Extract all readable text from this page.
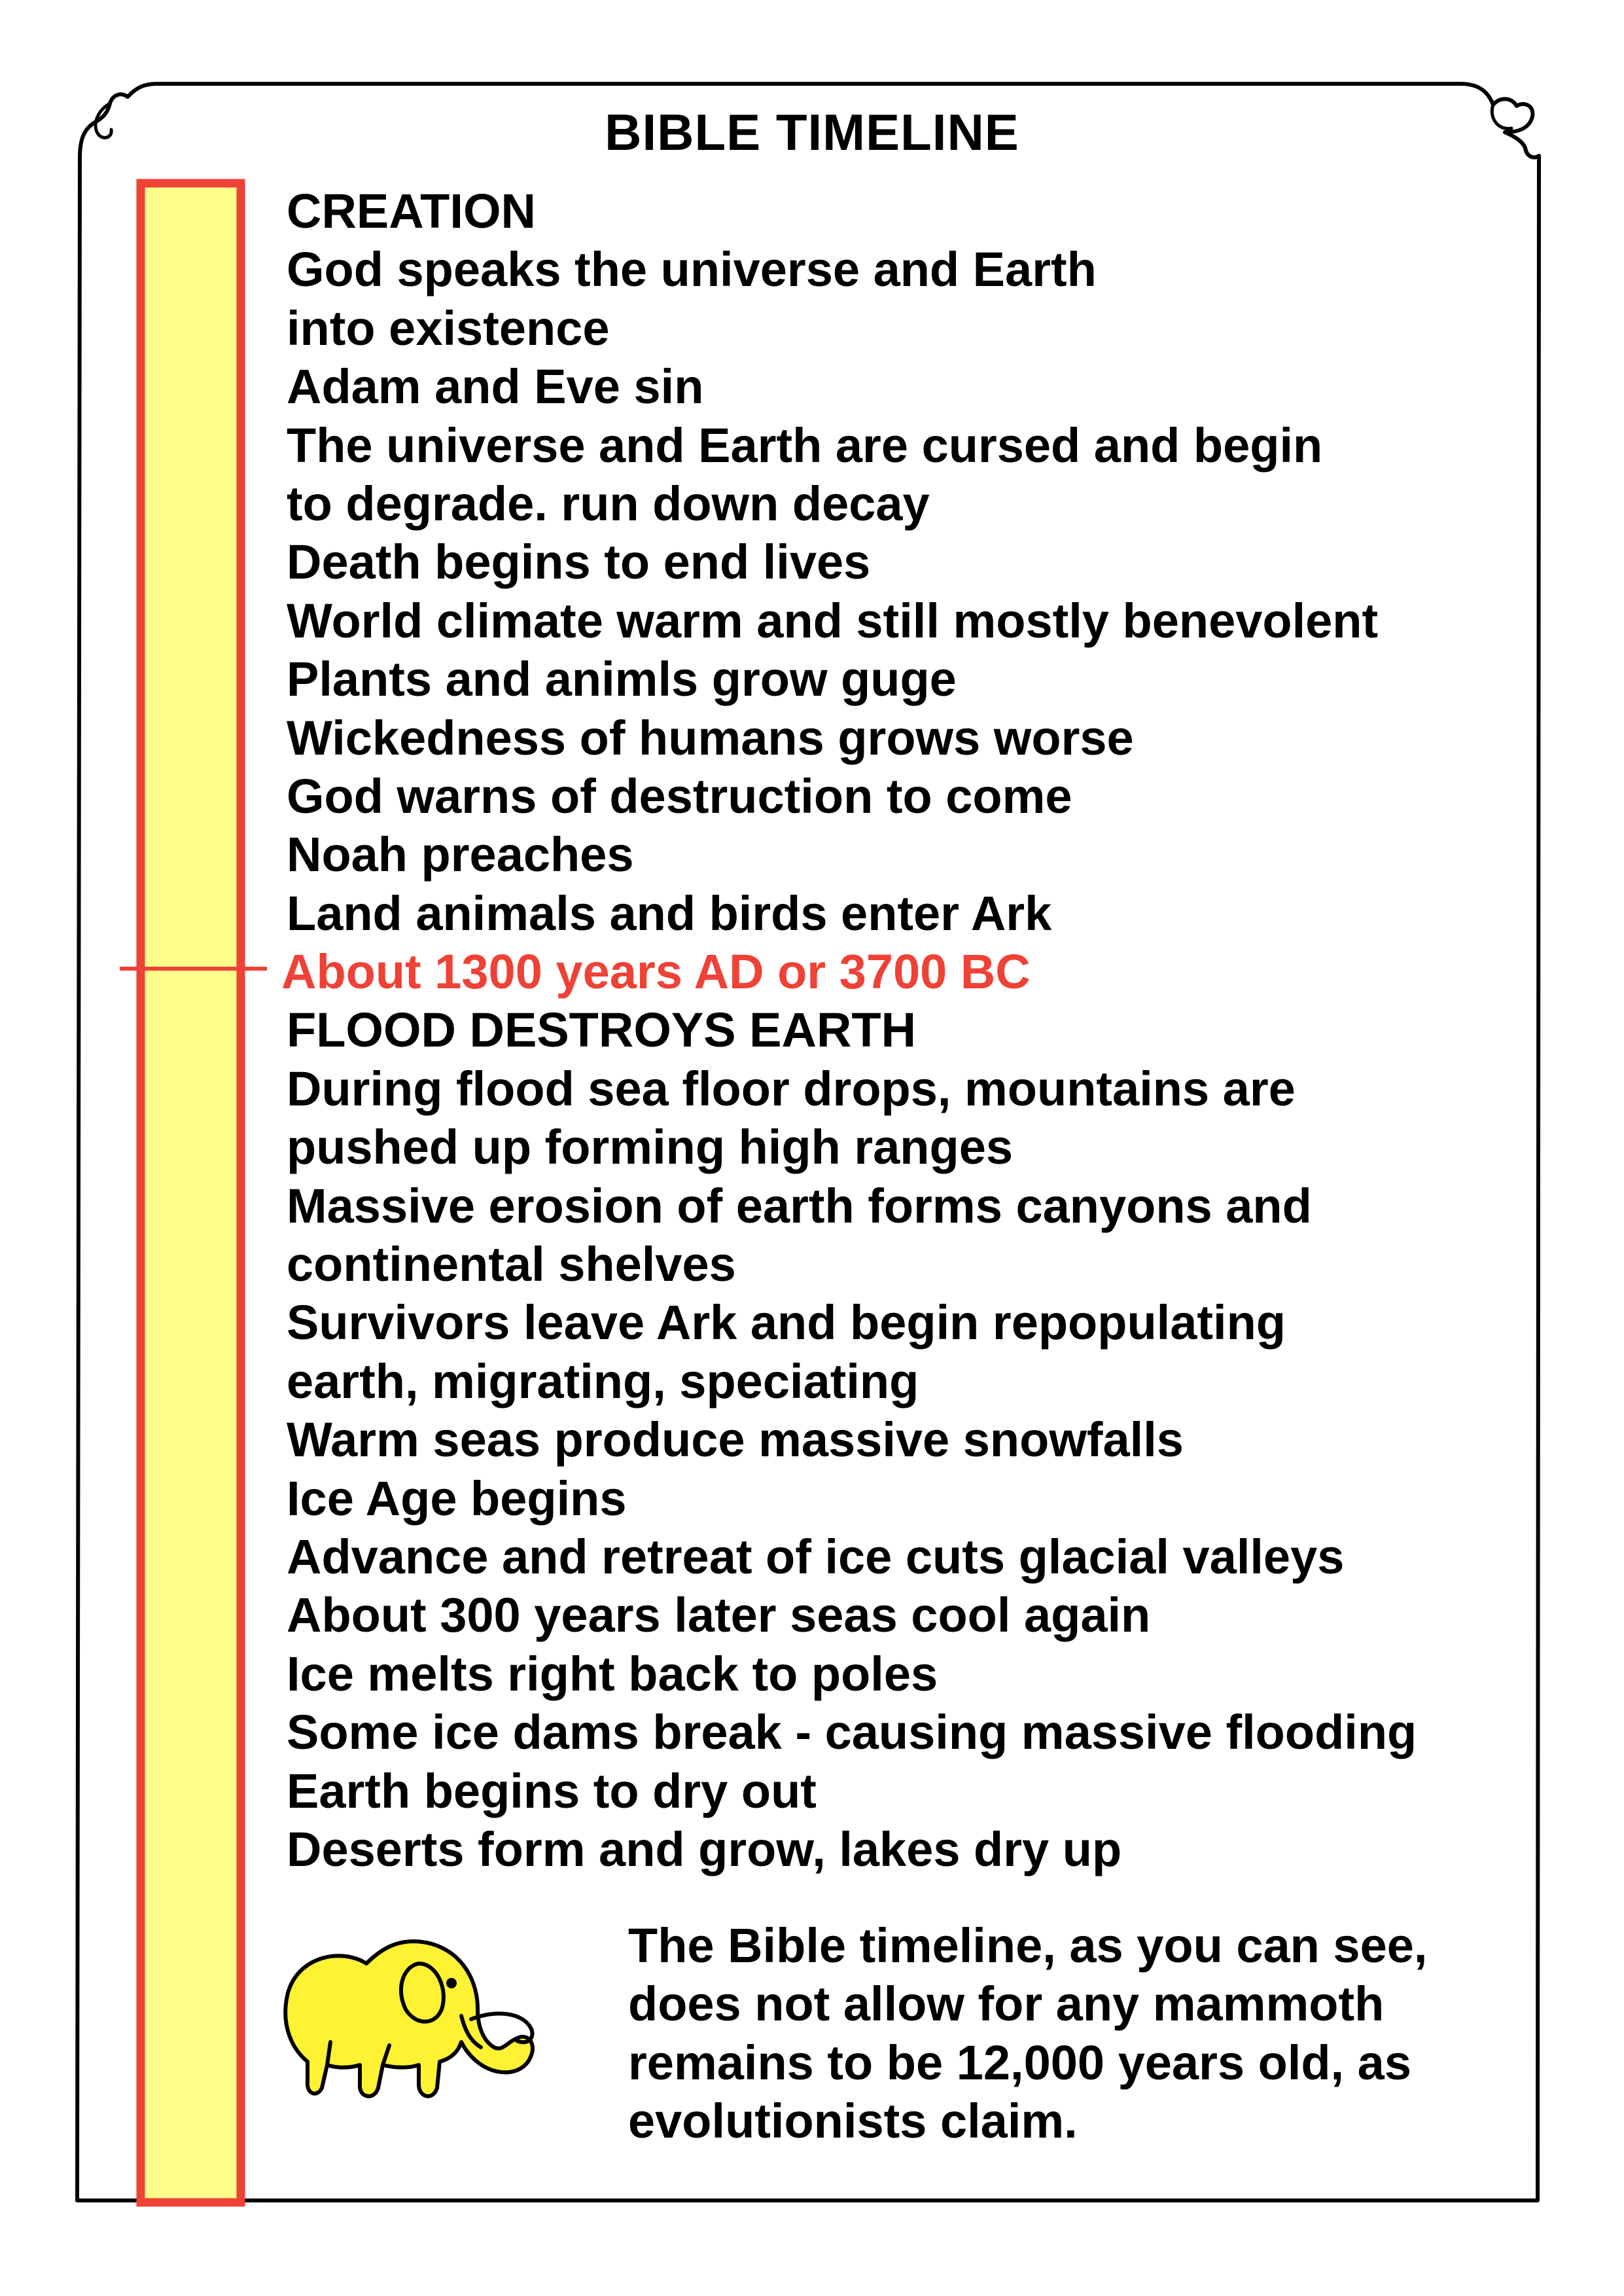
BIBLE TIMELINE
CREATION
God speaks the universe and Earth
into existence
Adam and Eve sin
The universe and Earth are cursed and begin
to degrade. run down decay
Death begins to end lives
World climate warm and still mostly benevolent
Plants and animls grow guge
Wickedness of humans grows worse
God warns of destruction to come
Noah preaches
Land animals and birds enter Ark
About 1300 years AD or 3700 BC
FLOOD DESTROYS EARTH
During flood sea floor drops, mountains are
pushed up forming high ranges
Massive erosion of earth forms canyons and
continental shelves
Survivors leave Ark and begin repopulating
earth, migrating, speciating
Warm seas produce massive snowfalls
Ice Age begins
Advance and retreat of ice cuts glacial valleys
About 300 years later seas cool again
Ice melts right back to poles
Some ice dams break - causing massive flooding
Earth begins to dry out
Deserts form and grow, lakes dry up
The Bible timeline, as you can see,
does not allow for any mammoth
remains to be 12,000 years old, as
evolutionists claim.
